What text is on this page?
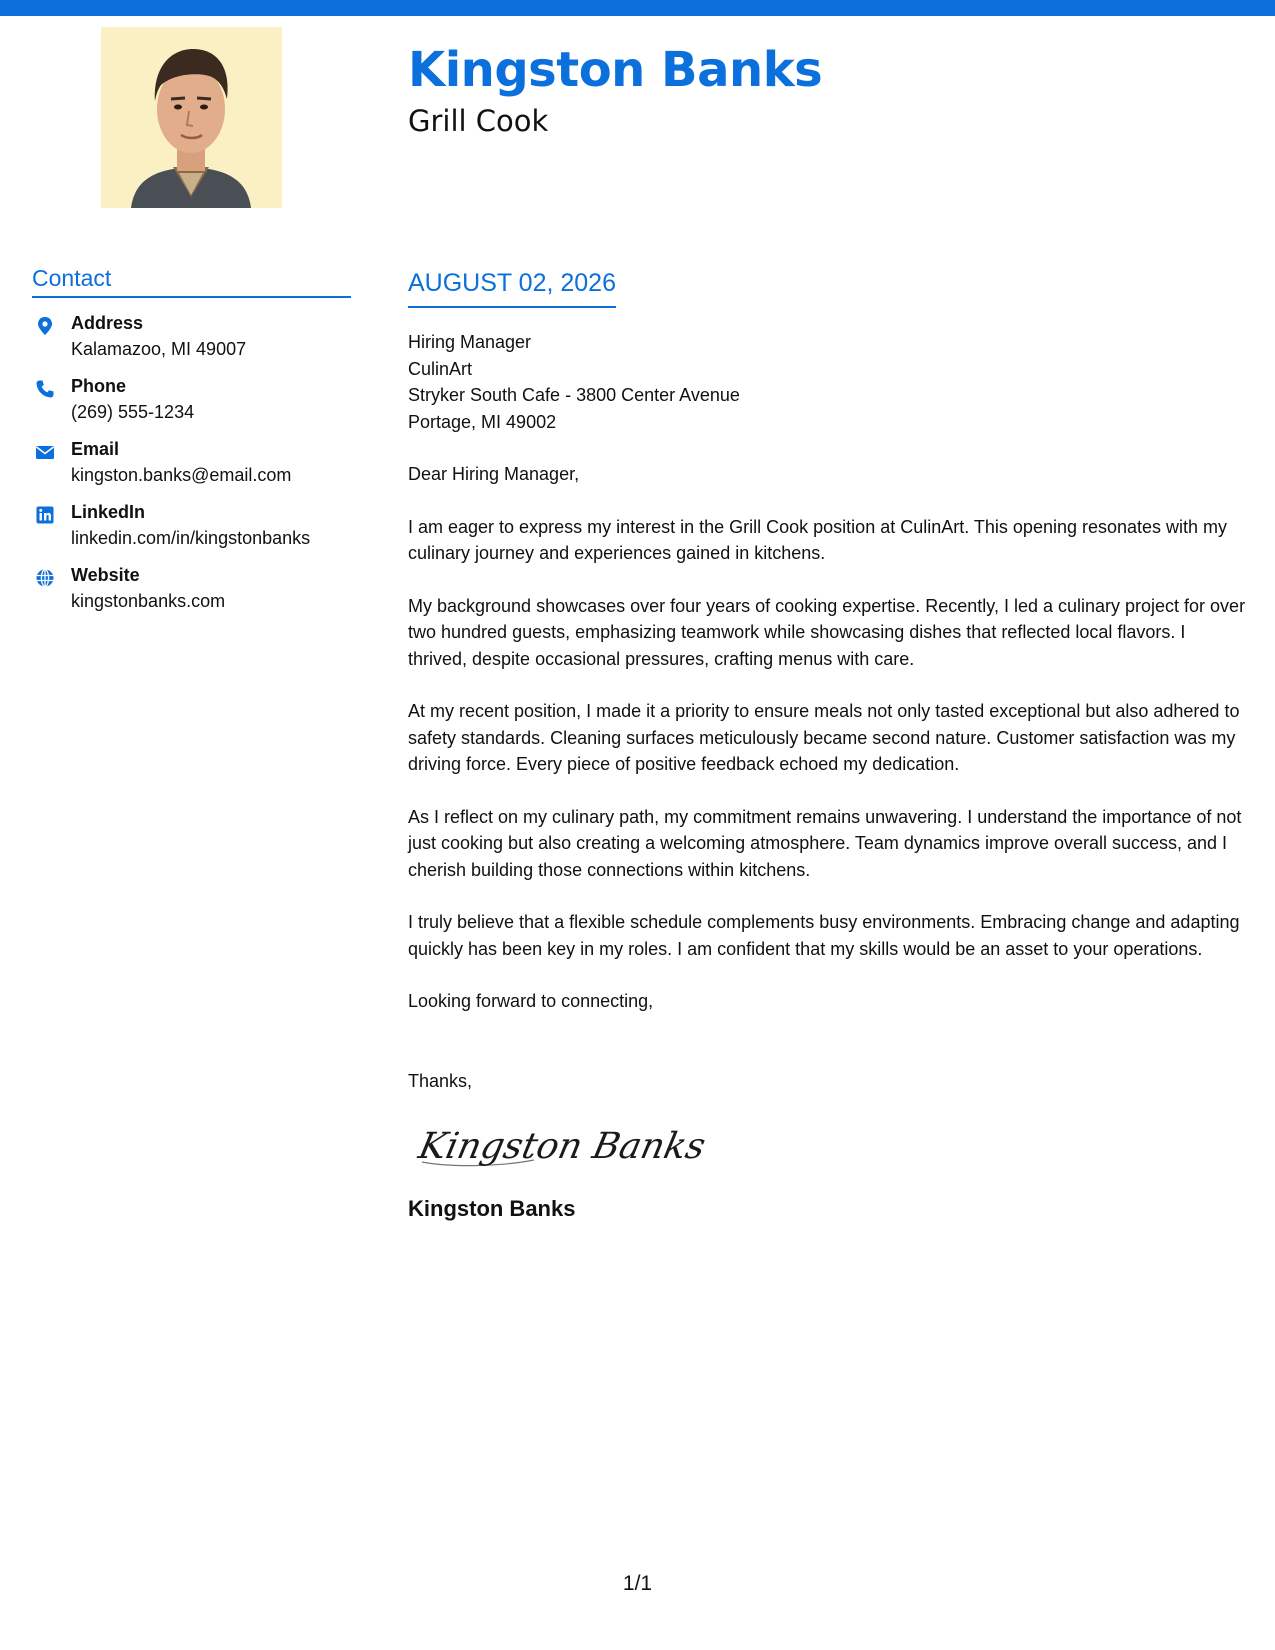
Kingston Banks
Grill Cook
Contact
Address
Kalamazoo, MI 49007
Phone
(269) 555-1234
Email
kingston.banks@email.com
LinkedIn
linkedin.com/in/kingstonbanks
Website
kingstonbanks.com
AUGUST 02, 2026
Hiring Manager
CulinArt
Stryker South Cafe - 3800 Center Avenue
Portage, MI 49002

Dear Hiring Manager,

I am eager to express my interest in the Grill Cook position at CulinArt. This opening resonates with my culinary journey and experiences gained in kitchens.

My background showcases over four years of cooking expertise. Recently, I led a culinary project for over two hundred guests, emphasizing teamwork while showcasing dishes that reflected local flavors. I thrived, despite occasional pressures, crafting menus with care.

At my recent position, I made it a priority to ensure meals not only tasted exceptional but also adhered to safety standards. Cleaning surfaces meticulously became second nature. Customer satisfaction was my driving force. Every piece of positive feedback echoed my dedication.

As I reflect on my culinary path, my commitment remains unwavering. I understand the importance of not just cooking but also creating a welcoming atmosphere. Team dynamics improve overall success, and I cherish building those connections within kitchens.

I truly believe that a flexible schedule complements busy environments. Embracing change and adapting quickly has been key in my roles. I am confident that my skills would be an asset to your operations.

Looking forward to connecting,

Thanks,

Kingston Banks

Kingston Banks

1/1
